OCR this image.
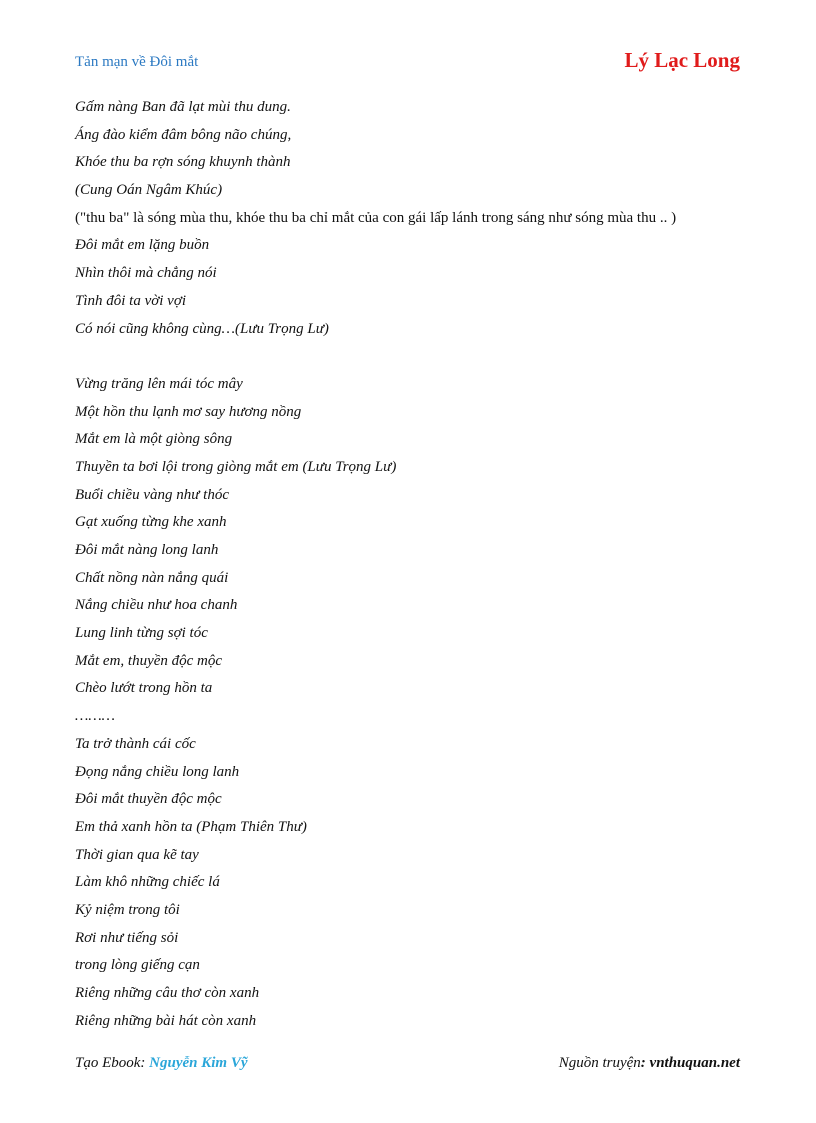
Tản mạn về Đôi mắt	Lý Lạc Long
Gấm nàng Ban đã lạt mùi thu dung.
Áng đào kiểm đâm bông não chúng,
Khóe thu ba rợn sóng khuynh thành
(Cung Oán Ngâm Khúc)
("thu ba" là sóng mùa thu, khóe thu ba chỉ mắt của con gái lấp lánh trong sáng như sóng mùa thu .. )
Đôi mắt em lặng buồn
Nhìn thôi mà chẳng nói
Tình đôi ta vời vợi
Có nói cũng không cùng…(Lưu Trọng Lư)
Vừng trăng lên mái tóc mây
Một hồn thu lạnh mơ say hương nồng
Mắt em là một giòng sông
Thuyền ta bơi lội trong giòng mắt em (Lưu Trọng Lư)
Buổi chiều vàng như thóc
Gạt xuống từng khe xanh
Đôi mắt nàng long lanh
Chất nồng nàn nắng quái
Nắng chiều như hoa chanh
Lung linh từng sợi tóc
Mắt em, thuyền độc mộc
Chèo lướt trong hồn ta
………
Ta trở thành cái cốc
Đọng nắng chiều long lanh
Đôi mắt thuyền độc mộc
Em thả xanh hồn ta (Phạm Thiên Thư)
Thời gian qua kẽ tay
Làm khô những chiếc lá
Kỷ niệm trong tôi
Rơi như tiếng sỏi
trong lòng giếng cạn
Riêng những câu thơ còn xanh
Riêng những bài hát còn xanh
Tạo Ebook: Nguyễn Kim Vỹ	Nguồn truyện: vnthuquan.net
